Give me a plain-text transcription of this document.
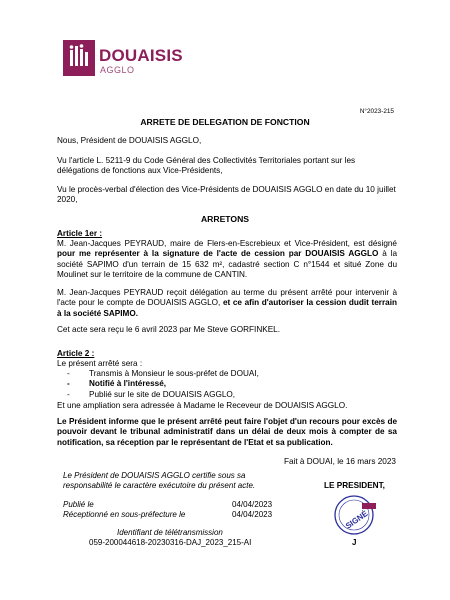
DOUAISIS
AGGLO
N°2023-215
ARRETE DE DELEGATION DE FONCTION
Nous, Président de DOUAISIS AGGLO,
Vu l'article L. 5211-9 du Code Général des Collectivités Territoriales portant sur les délégations de fonctions aux Vice-Présidents,
Vu le procès-verbal d'élection des Vice-Présidents de DOUAISIS AGGLO en date du 10 juillet 2020,
ARRETONS
Article 1er :
M. Jean-Jacques PEYRAUD, maire de Flers-en-Escrebieux et Vice-Président, est désigné pour me représenter à la signature de l'acte de cession par DOUAISIS AGGLO à la société SAPIMO d'un terrain de 15 632 m², cadastré section C n°1544 et situé Zone du Moulinet sur le territoire de la commune de CANTIN.
M. Jean-Jacques PEYRAUD reçoit délégation au terme du présent arrêté pour intervenir à l'acte pour le compte de DOUAISIS AGGLO, et ce afin d'autoriser la cession dudit terrain à la société SAPIMO.
Cet acte sera reçu le 6 avril 2023 par Me Steve GORFINKEL.
Article 2 :
Le présent arrêté sera :
- Transmis à Monsieur le sous-préfet de DOUAI,
- Notifié à l'intéressé,
- Publié sur le site de DOUAISIS AGGLO,
Et une ampliation sera adressée à Madame le Receveur de DOUAISIS AGGLO.
Le Président informe que le présent arrêté peut faire l'objet d'un recours pour excès de pouvoir devant le tribunal administratif dans un délai de deux mois à compter de sa notification, sa réception par le représentant de l'Etat et sa publication.
Fait à DOUAI, le 16 mars 2023
Le Président de DOUAISIS AGGLO certifie sous sa responsabilité le caractère exécutoire du présent acte.	LE PRESIDENT,
Publié le	04/04/2023
Réceptionné en sous-préfecture le	04/04/2023
Identifiant de télétransmission
059-200044618-20230316-DAJ_2023_215-AI
SIGNÉ
J
